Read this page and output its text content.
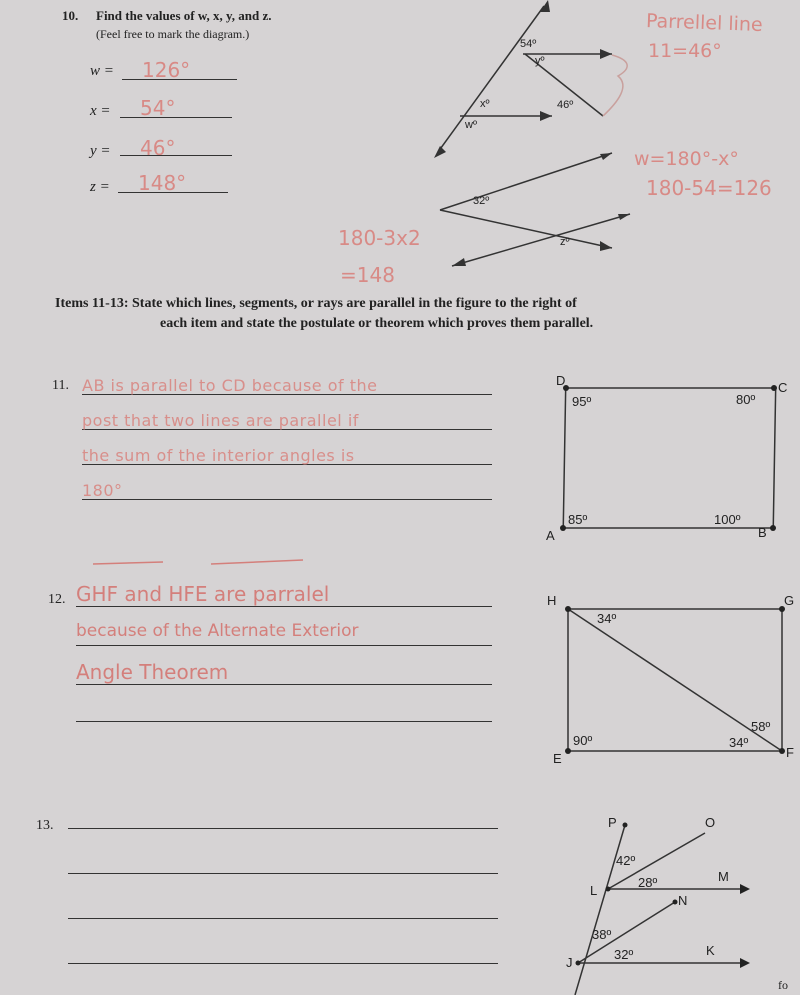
10. Find the values of w, x, y, and z.
(Feel free to mark the diagram.)
w = 126°
x = 54°
y = 46°
z = 148°
54º
yº
xº	46º
wº
32º
zº
Parrellel line
11=46°
w=180°-x°
180-54=126
180-3x2
=148
Items 11-13: State which lines, segments, or rays are parallel in the figure to the right of
each item and state the postulate or theorem which proves them parallel.
11. AB is parallel to CD because of the
post that two lines are parallel if
the sum of the interior angles is
180°
D	C
A	B
95º	80º
85º	100º
12. GHF and HFE are parralel
because of the Alternate Exterior
Angle Theorem
H	G
E	F
34º
58º
34º
90º
13.	P	O
L
M
N
J
K
42º
28º
38º
32º
fo
